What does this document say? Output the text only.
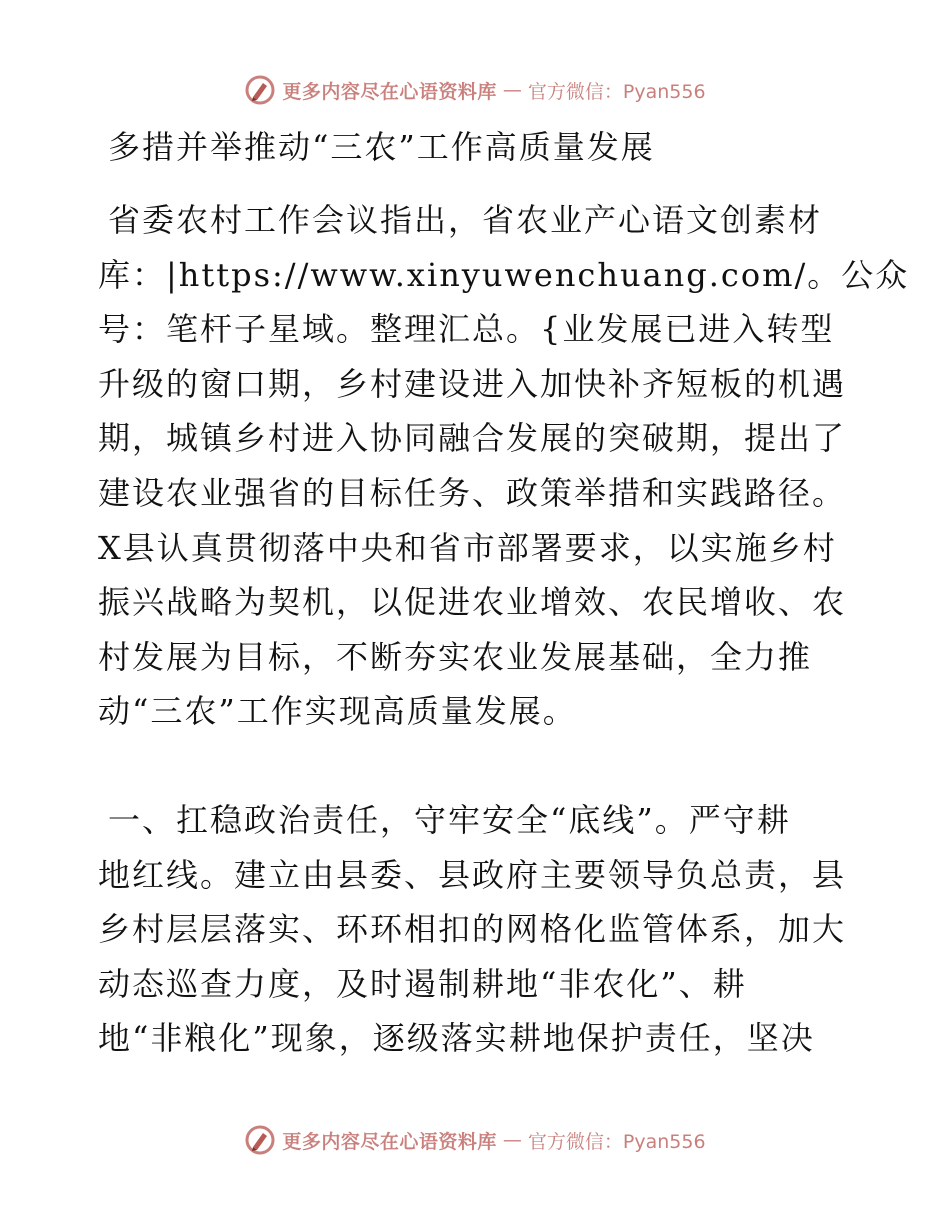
更多内容尽在心语资料库 — 官方微信：Pyan556
多措并举推动“三农”工作高质量发展
省委农村工作会议指出，省农业产心语文创素材
库：|https://www.xinyuwenchuang.com/。公众
号：笔杆子星域。整理汇总。{业发展已进入转型
升级的窗口期，乡村建设进入加快补齐短板的机遇
期，城镇乡村进入协同融合发展的突破期，提出了
建设农业强省的目标任务、政策举措和实践路径。
X县认真贯彻落中央和省市部署要求，以实施乡村
振兴战略为契机，以促进农业增效、农民增收、农
村发展为目标，不断夯实农业发展基础，全力推
动“三农”工作实现高质量发展。
一、扛稳政治责任，守牢安全“底线”。严守耕
地红线。建立由县委、县政府主要领导负总责，县
乡村层层落实、环环相扣的网格化监管体系，加大
动态巡查力度，及时遏制耕地“非农化”、耕
地“非粮化”现象，逐级落实耕地保护责任，坚决
更多内容尽在心语资料库 — 官方微信：Pyan556
